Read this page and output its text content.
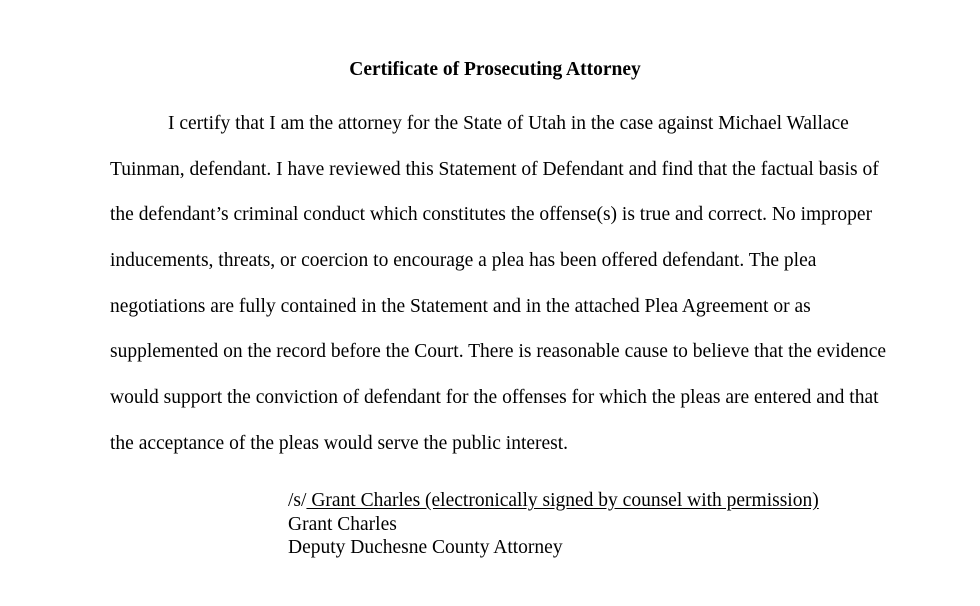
Certificate of Prosecuting Attorney
I certify that I am the attorney for the State of Utah in the case against Michael Wallace
Tuinman, defendant. I have reviewed this Statement of Defendant and find that the factual basis of
the defendant’s criminal conduct which constitutes the offense(s) is true and correct. No improper
inducements, threats, or coercion to encourage a plea has been offered defendant. The plea
negotiations are fully contained in the Statement and in the attached Plea Agreement or as
supplemented on the record before the Court. There is reasonable cause to believe that the evidence
would support the conviction of defendant for the offenses for which the pleas are entered and that
the acceptance of the pleas would serve the public interest.
/s/ Grant Charles (electronically signed by counsel with permission)
Grant Charles
Deputy Duchesne County Attorney
